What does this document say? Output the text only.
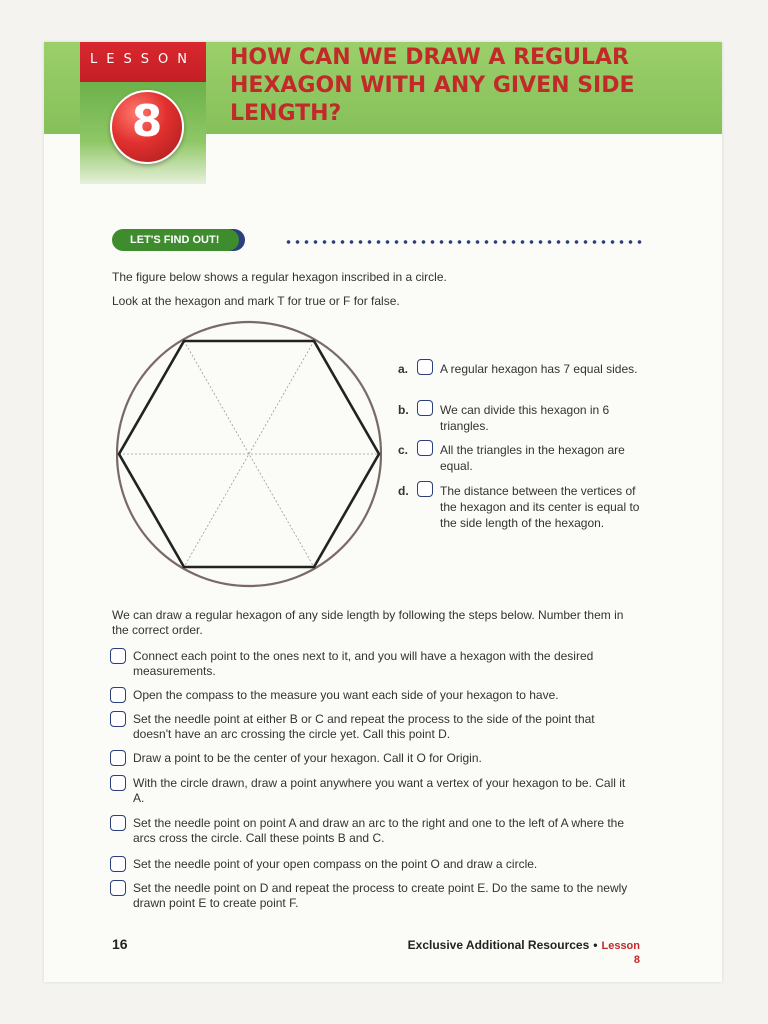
LESSON
8
HOW CAN WE DRAW A REGULAR HEXAGON WITH ANY GIVEN SIDE LENGTH?
LET'S FIND OUT!
The figure below shows a regular hexagon inscribed in a circle.
Look at the hexagon and mark T for true or F for false.
a.	A regular hexagon has 7 equal sides.
b.	We can divide this hexagon in 6 triangles.
c.	All the triangles in the hexagon are equal.
d.	The distance between the vertices of the hexagon and its center is equal to the side length of the hexagon.
We can draw a regular hexagon of any side length by following the steps below. Number them in the correct order.
Connect each point to the ones next to it, and you will have a hexagon with the desired measurements.
Open the compass to the measure you want each side of your hexagon to have.
Set the needle point at either B or C and repeat the process to the side of the point that doesn't have an arc crossing the circle yet. Call this point D.
Draw a point to be the center of your hexagon. Call it O for Origin.
With the circle drawn, draw a point anywhere you want a vertex of your hexagon to be. Call it A.
Set the needle point on point A and draw an arc to the right and one to the left of A where the arcs cross the circle. Call these points B and C.
Set the needle point of your open compass on the point O and draw a circle.
Set the needle point on D and repeat the process to create point E. Do the same to the newly drawn point E to create point F.
16	Exclusive Additional Resources • Lesson 8
